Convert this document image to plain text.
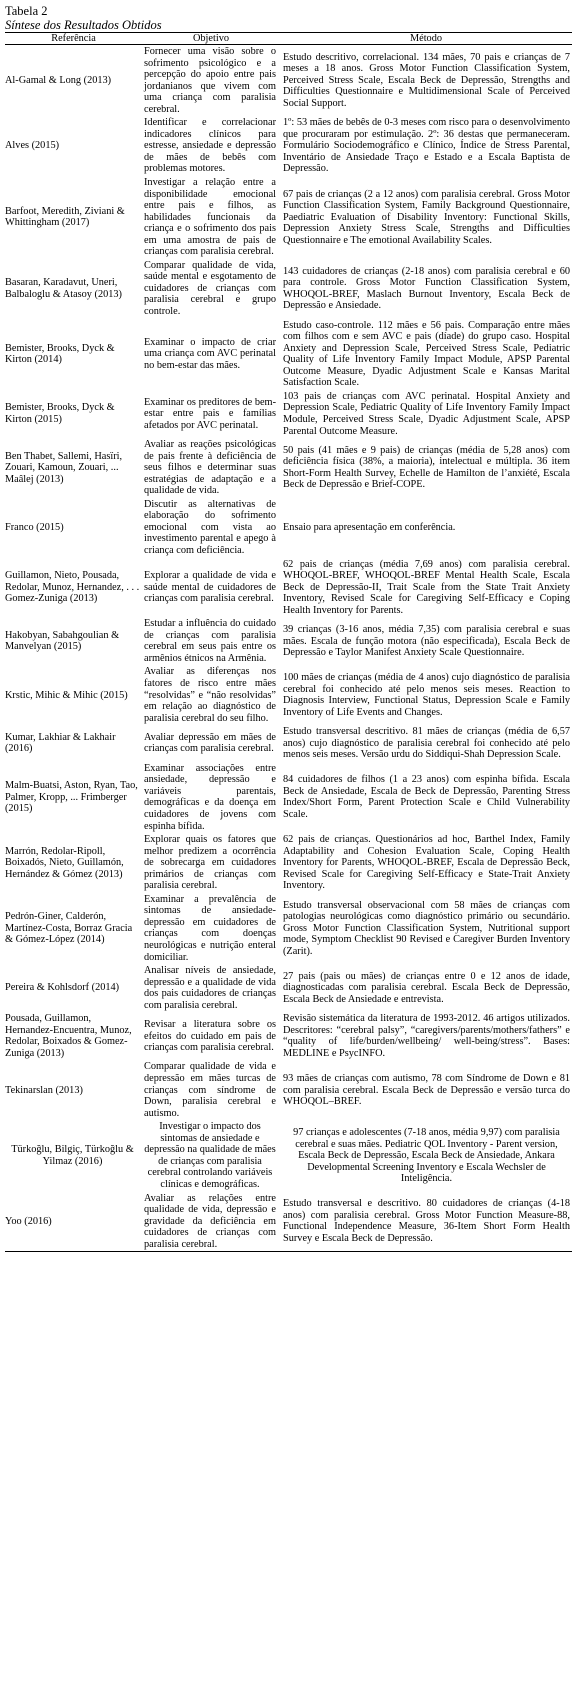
Tabela 2
Síntese dos Resultados Obtidos
Referência	Objetivo	Método
Al-Gamal & Long (2013)	Fornecer uma visão sobre o sofrimento psicológico e a percepção do apoio entre pais jordanianos que vivem com uma criança com paralisia cerebral.	Estudo descritivo, correlacional. 134 mães, 70 pais e crianças de 7 meses a 18 anos. Gross Motor Function Classification System, Perceived Stress Scale, Escala Beck de Depressão, Strengths and Difficulties Questionnaire e Multidimensional Scale of Perceived Social Support.
Alves (2015)	Identificar e correlacionar indicadores clínicos para estresse, ansiedade e depressão de mães de bebês com problemas motores.	1º: 53 mães de bebês de 0-3 meses com risco para o desenvolvimento que procuraram por estimulação. 2º: 36 destas que permaneceram. Formulário Sociodemográfico e Clínico, Índice de Stress Parental, Inventário de Ansiedade Traço e Estado e a Escala Baptista de Depressão.
Barfoot, Meredith, Ziviani & Whittingham (2017)	Investigar a relação entre a disponibilidade emocional entre pais e filhos, as habilidades funcionais da criança e o sofrimento dos pais em uma amostra de pais de crianças com paralisia cerebral.	67 pais de crianças (2 a 12 anos) com paralisia cerebral. Gross Motor Function Classification System, Family Background Questionnaire, Paediatric Evaluation of Disability Inventory: Functional Skills, Depression Anxiety Stress Scale, Strengths and Difficulties Questionnaire e The emotional Availability Scales.
Basaran, Karadavut, Uneri, Balbaloglu & Atasoy (2013)	Comparar qualidade de vida, saúde mental e esgotamento de cuidadores de crianças com paralisia cerebral e grupo controle.	143 cuidadores de crianças (2-18 anos) com paralisia cerebral e 60 para controle. Gross Motor Function Classification System, WHOQOL-BREF, Maslach Burnout Inventory, Escala Beck de Depressão e Ansiedade.
Bemister, Brooks, Dyck & Kirton (2014)	Examinar o impacto de criar uma criança com AVC perinatal no bem-estar das mães.	Estudo caso-controle. 112 mães e 56 pais. Comparação entre mães com filhos com e sem AVC e pais (díade) do grupo caso. Hospital Anxiety and Depression Scale, Perceived Stress Scale, Pediatric Quality of Life Inventory Family Impact Module, APSP Parental Outcome Measure, Dyadic Adjustment Scale e Kansas Marital Satisfaction Scale.
Bemister, Brooks, Dyck & Kirton (2015)	Examinar os preditores de bem-estar entre pais e famílias afetados por AVC perinatal.	103 pais de crianças com AVC perinatal. Hospital Anxiety and Depression Scale, Pediatric Quality of Life Inventory Family Impact Module, Perceived Stress Scale, Dyadic Adjustment Scale, APSP Parental Outcome Measure.
Ben Thabet, Sallemi, Hasïri, Zouari, Kamoun, Zouari, ... Maâlej (2013)	Avaliar as reações psicológicas de pais frente à deficiência de seus filhos e determinar suas estratégias de adaptação e a qualidade de vida.	50 pais (41 mães e 9 pais) de crianças (média de 5,28 anos) com deficiência física (38%, a maioria), intelectual e múltipla. 36 item Short-Form Health Survey, Echelle de Hamilton de l’anxiété, Escala Beck de Depressão e Brief-COPE.
Franco (2015)	Discutir as alternativas de elaboração do sofrimento emocional com vista ao investimento parental e apego à criança com deficiência.	Ensaio para apresentação em conferência.
Guillamon, Nieto, Pousada, Redolar, Munoz, Hernandez, . . . Gomez-Zuniga (2013)	Explorar a qualidade de vida e saúde mental de cuidadores de crianças com paralisia cerebral.	62 pais de crianças (média 7,69 anos) com paralisia cerebral. WHOQOL-BREF, WHOQOL-BREF Mental Health Scale, Escala Beck de Depressão-II, Trait Scale from the State Trait Anxiety Inventory, Revised Scale for Caregiving Self-Efficacy e Coping Health Inventory for Parents.
Hakobyan, Sabahgoulian & Manvelyan (2015)	Estudar a influência do cuidado de crianças com paralisia cerebral em seus pais entre os armênios étnicos na Armênia.	39 crianças (3-16 anos, média 7,35) com paralisia cerebral e suas mães. Escala de função motora (não especificada), Escala Beck de Depressão e Taylor Manifest Anxiety Scale Questionnaire.
Krstic, Mihic & Mihic (2015)	Avaliar as diferenças nos fatores de risco entre mães “resolvidas” e “não resolvidas” em relação ao diagnóstico de paralisia cerebral do seu filho.	100 mães de crianças (média de 4 anos) cujo diagnóstico de paralisia cerebral foi conhecido até pelo menos seis meses. Reaction to Diagnosis Interview, Functional Status, Depression Scale e Family Inventory of Life Events and Changes.
Kumar, Lakhiar & Lakhair (2016)	Avaliar depressão em mães de crianças com paralisia cerebral.	Estudo transversal descritivo. 81 mães de crianças (média de 6,57 anos) cujo diagnóstico de paralisia cerebral foi conhecido até pelo menos seis meses. Versão urdu do Siddiqui-Shah Depression Scale.
Malm-Buatsi, Aston, Ryan, Tao, Palmer, Kropp, ... Frimberger (2015)	Examinar associações entre ansiedade, depressão e variáveis parentais, demográficas e da doença em cuidadores de jovens com espinha bífida.	84 cuidadores de filhos (1 a 23 anos) com espinha bífida. Escala Beck de Ansiedade, Escala de Beck de Depressão, Parenting Stress Index/Short Form, Parent Protection Scale e Child Vulnerability Scale.
Marrón, Redolar-Ripoll, Boixadós, Nieto, Guillamón, Hernández & Gómez (2013)	Explorar quais os fatores que melhor predizem a ocorrência de sobrecarga em cuidadores primários de crianças com paralisia cerebral.	62 pais de crianças. Questionários ad hoc, Barthel Index, Family Adaptability and Cohesion Evaluation Scale, Coping Health Inventory for Parents, WHOQOL-BREF, Escala de Depressão Beck, Revised Scale for Caregiving Self-Efficacy e State-Trait Anxiety Inventory.
Pedrón-Giner, Calderón, Martínez-Costa, Borraz Gracia & Gómez-López (2014)	Examinar a prevalência de sintomas de ansiedade-depressão em cuidadores de crianças com doenças neurológicas e nutrição enteral domiciliar.	Estudo transversal observacional com 58 mães de crianças com patologias neurológicas como diagnóstico primário ou secundário. Gross Motor Function Classification System, Nutritional support mode, Symptom Checklist 90 Revised e Caregiver Burden Inventory (Zarit).
Pereira & Kohlsdorf (2014)	Analisar níveis de ansiedade, depressão e a qualidade de vida dos pais cuidadores de crianças com paralisia cerebral.	27 pais (pais ou mães) de crianças entre 0 e 12 anos de idade, diagnosticadas com paralisia cerebral. Escala Beck de Depressão, Escala Beck de Ansiedade e entrevista.
Pousada, Guillamon, Hernandez-Encuentra, Munoz, Redolar, Boixados & Gomez-Zuniga (2013)	Revisar a literatura sobre os efeitos do cuidado em pais de crianças com paralisia cerebral.	Revisão sistemática da literatura de 1993-2012. 46 artigos utilizados. Descritores: “cerebral palsy”, “caregivers/parents/mothers/fathers” e “quality of life/burden/wellbeing/ well-being/stress”. Bases: MEDLINE e PsycINFO.
Tekinarslan (2013)	Comparar qualidade de vida e depressão em mães turcas de crianças com síndrome de Down, paralisia cerebral e autismo.	93 mães de crianças com autismo, 78 com Síndrome de Down e 81 com paralisia cerebral. Escala Beck de Depressão e versão turca do WHOQOL–BREF.
Türkoğlu, Bilgiç, Türkoğlu & Yilmaz (2016)	Investigar o impacto dos sintomas de ansiedade e depressão na qualidade de mães de crianças com paralisia cerebral controlando variáveis clínicas e demográficas.	97 crianças e adolescentes (7-18 anos, média 9,97) com paralisia cerebral e suas mães. Pediatric QOL Inventory - Parent version, Escala Beck de Depressão, Escala Beck de Ansiedade, Ankara Developmental Screening Inventory e Escala Wechsler de Inteligência.
Yoo (2016)	Avaliar as relações entre qualidade de vida, depressão e gravidade da deficiência em cuidadores de crianças com paralisia cerebral.	Estudo transversal e descritivo. 80 cuidadores de crianças (4-18 anos) com paralisia cerebral. Gross Motor Function Measure-88, Functional Independence Measure, 36-Item Short Form Health Survey e Escala Beck de Depressão.
